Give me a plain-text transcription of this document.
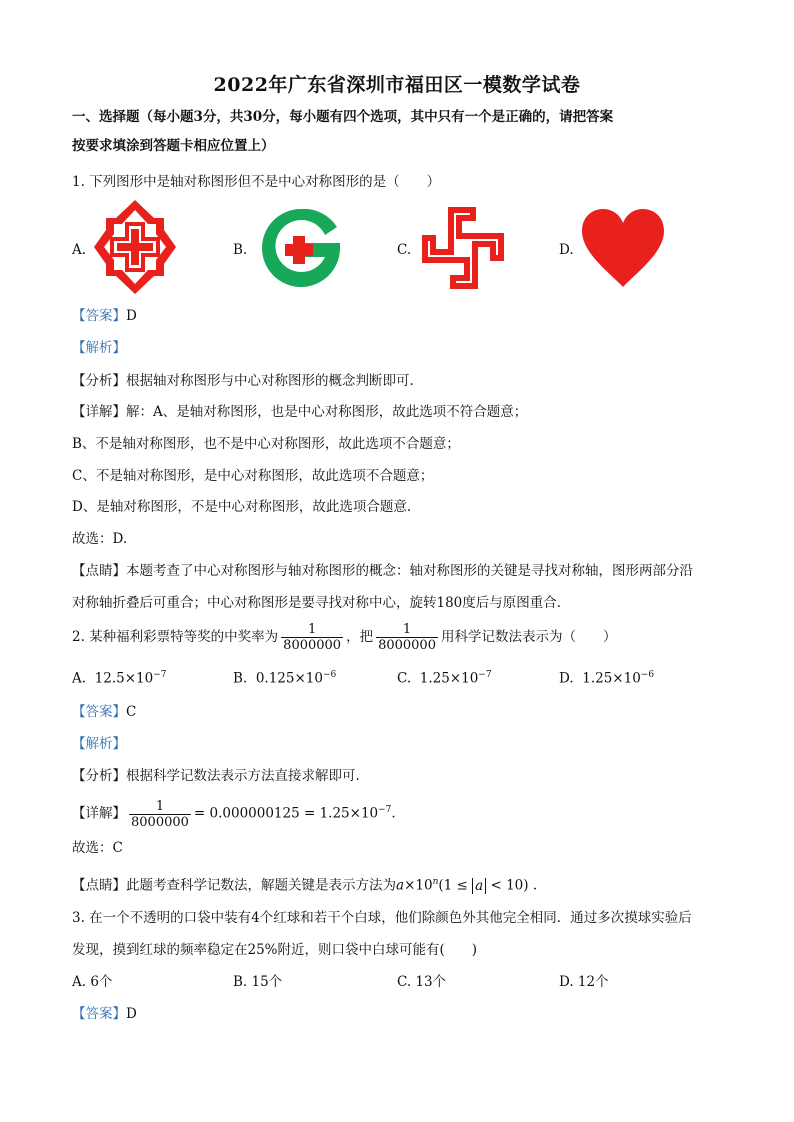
2022年广东省深圳市福田区一模数学试卷
一、选择题（每小题3分，共30分，每小题有四个选项，其中只有一个是正确的，请把答案
按要求填涂到答题卡相应位置上）
1. 下列图形中是轴对称图形但不是中心对称图形的是（　　）
A.	B.	C.	D.
【答案】D
【解析】
【分析】根据轴对称图形与中心对称图形的概念判断即可.
【详解】解：A、是轴对称图形，也是中心对称图形，故此选项不符合题意；
B、不是轴对称图形，也不是中心对称图形，故此选项不合题意；
C、不是轴对称图形，是中心对称图形，故此选项不合题意；
D、是轴对称图形，不是中心对称图形，故此选项合题意.
故选：D.
【点睛】本题考查了中心对称图形与轴对称图形的概念：轴对称图形的关键是寻找对称轴，图形两部分沿
对称轴折叠后可重合；中心对称图形是要寻找对称中心，旋转180度后与原图重合.
2. 某种福利彩票特等奖的中奖率为 $\frac{1}{8000000}$ ，把 $\frac{1}{8000000}$ 用科学记数法表示为（　　）
A. $12.5\times 10^{-7}$	B. $0.125\times 10^{-6}$	C. $1.25\times 10^{-7}$	D. $1.25\times 10^{-6}$
【答案】C
【解析】
【分析】根据科学记数法表示方法直接求解即可.
【详解】 $\frac{1}{8000000} = 0.000000125 = 1.25\times 10^{-7}$.
故选：C
【点睛】此题考查科学记数法，解题关键是表示方法为$a\times 10^n(1 \le a < 10)$ .
3. 在一个不透明的口袋中装有4个红球和若干个白球，他们除颜色外其他完全相同．通过多次摸球实验后
发现，摸到红球的频率稳定在25%附近，则口袋中白球可能有(　　)
A. 6个	B. 15个	C. 13个	D. 12个
【答案】D
